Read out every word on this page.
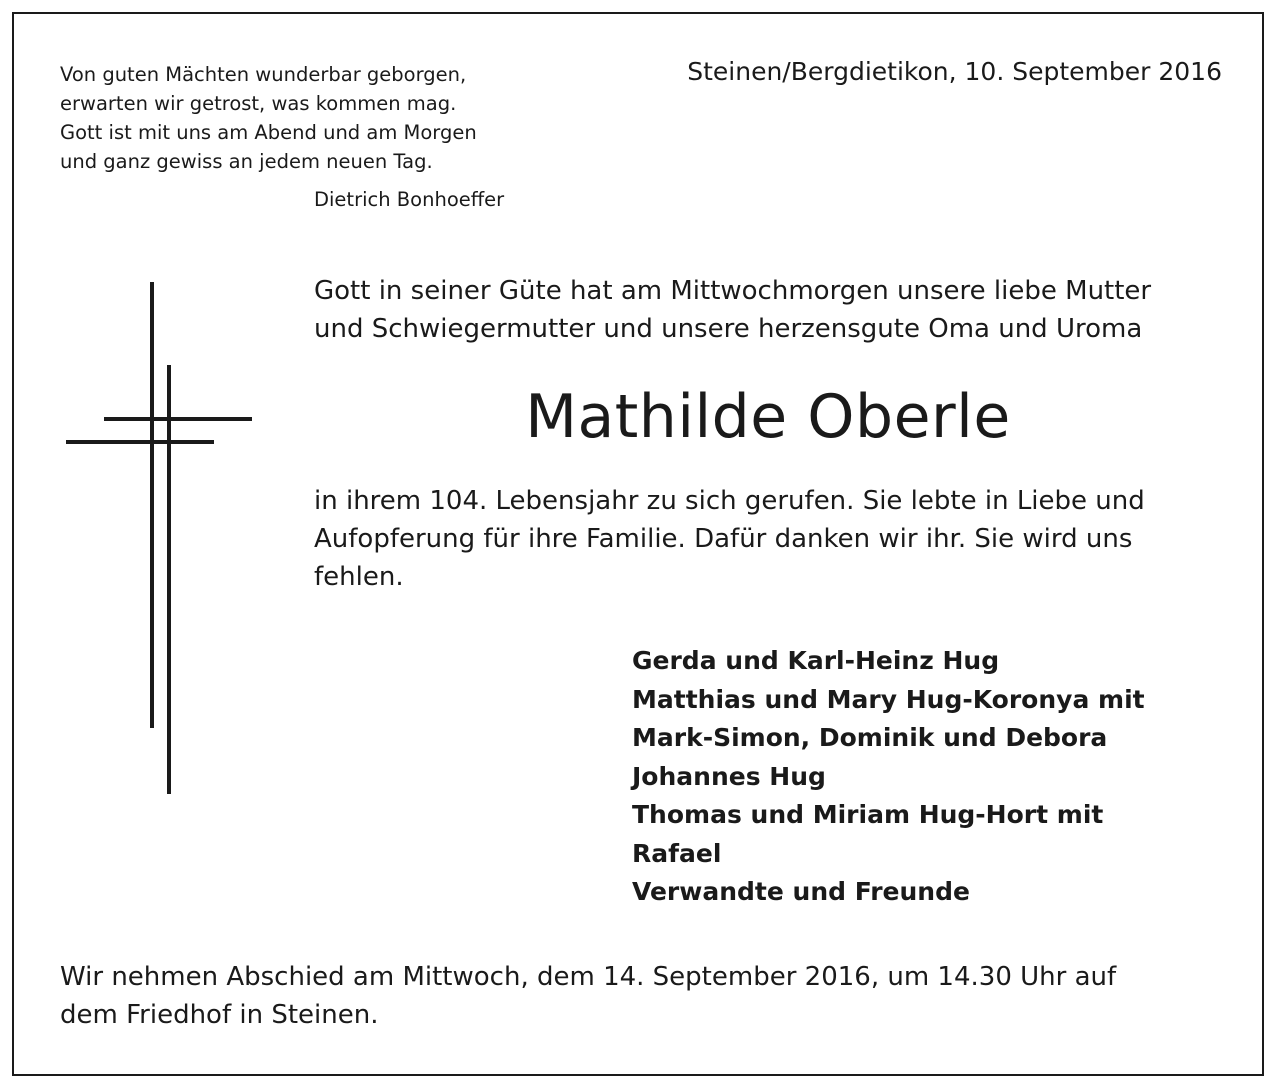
Von guten Mächten wunderbar geborgen,
erwarten wir getrost, was kommen mag.
Gott ist mit uns am Abend und am Morgen
und ganz gewiss an jedem neuen Tag.
Dietrich Bonhoeffer
Steinen/Bergdietikon, 10. September 2016
Gott in seiner Güte hat am Mittwochmorgen unsere liebe Mutter
und Schwiegermutter und unsere herzensgute Oma und Uroma
Mathilde Oberle
in ihrem 104. Lebensjahr zu sich gerufen. Sie lebte in Liebe und
Aufopferung für ihre Familie. Dafür danken wir ihr. Sie wird uns
fehlen.
Gerda und Karl-Heinz Hug
Matthias und Mary Hug-Koronya mit
Mark-Simon, Dominik und Debora
Johannes Hug
Thomas und Miriam Hug-Hort mit
Rafael
Verwandte und Freunde
Wir nehmen Abschied am Mittwoch, dem 14. September 2016, um 14.30 Uhr auf
dem Friedhof in Steinen.
